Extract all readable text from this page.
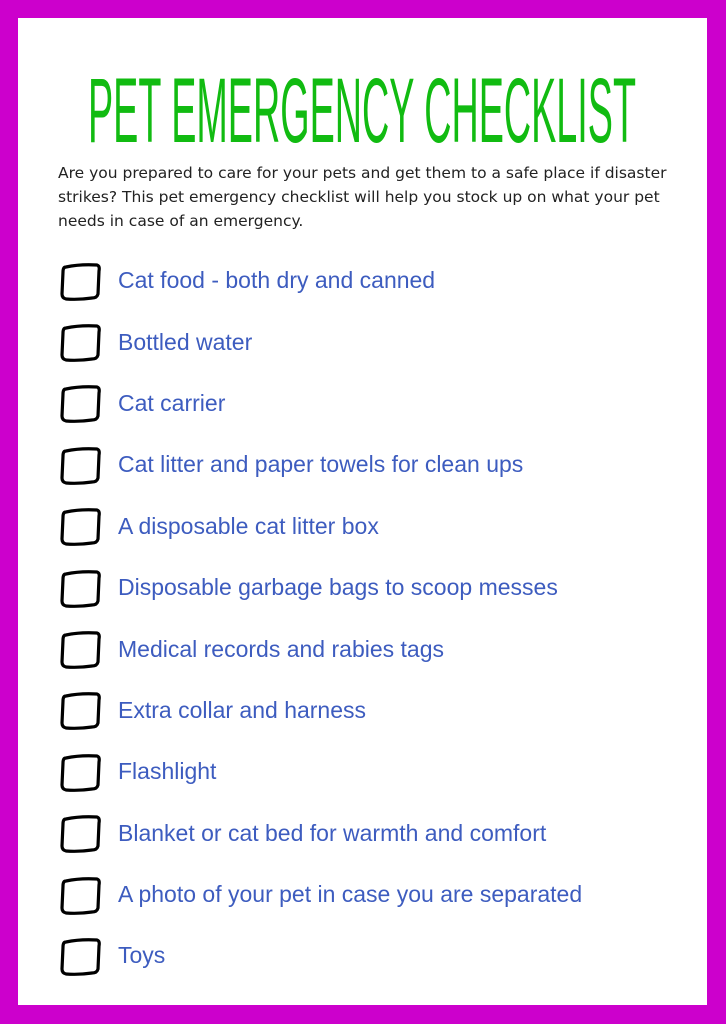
PET EMERGENCY CHECKLIST
Are you prepared to care for your pets and get them to a safe place if disaster strikes? This pet emergency checklist will help you stock up on what your pet needs in case of an emergency.
Cat food - both dry and canned
Bottled water
Cat carrier
Cat litter and paper towels for clean ups
A disposable cat litter box
Disposable garbage bags to scoop messes
Medical records and rabies tags
Extra collar and harness
Flashlight
Blanket or cat bed for warmth and comfort
A photo of your pet in case you are separated
Toys
